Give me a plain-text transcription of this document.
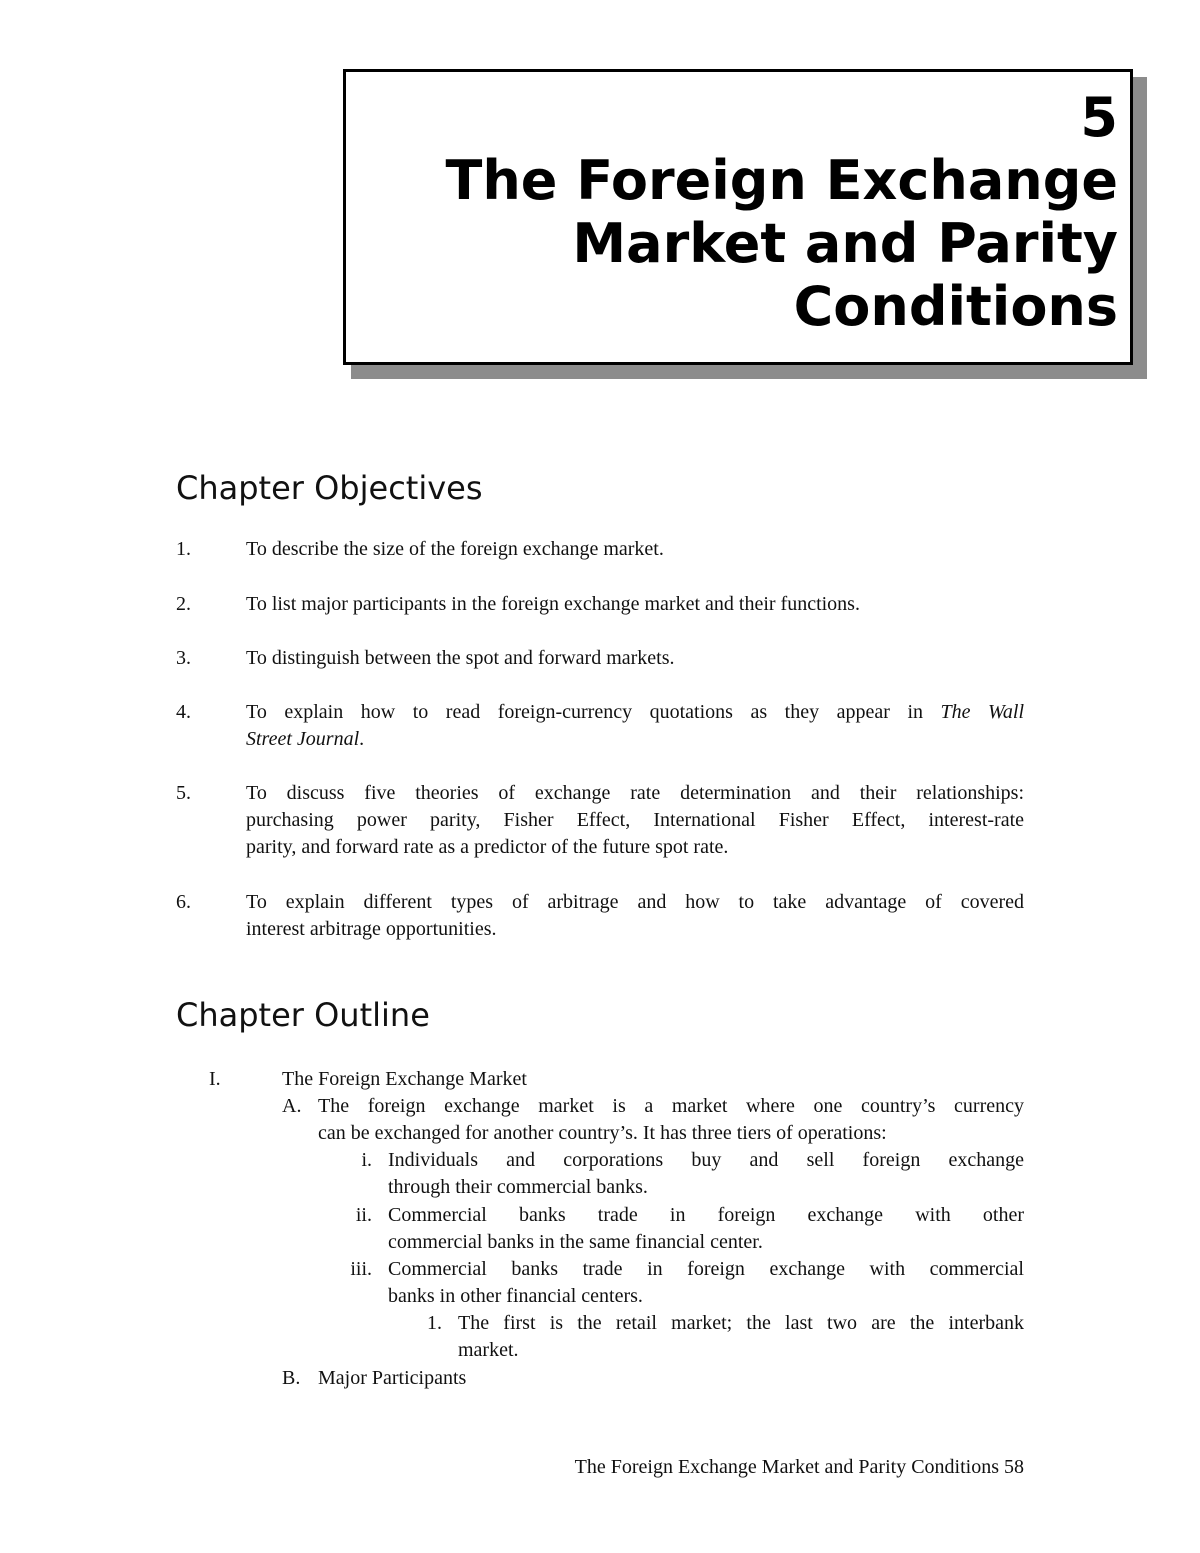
5
The Foreign Exchange
Market and Parity
Conditions
Chapter Objectives
1.	To describe the size of the foreign exchange market.
2.	To list major participants in the foreign exchange market and their functions.
3.	To distinguish between the spot and forward markets.
4.	To explain how to read foreign-currency quotations as they appear in The Wall
Street Journal.
5.	To discuss five theories of exchange rate determination and their relationships:
purchasing power parity, Fisher Effect, International Fisher Effect, interest-rate
parity, and forward rate as a predictor of the future spot rate.
6.	To explain different types of arbitrage and how to take advantage of covered
interest arbitrage opportunities.
Chapter Outline
I.	The Foreign Exchange Market
A. The foreign exchange market is a market where one country’s currency
can be exchanged for another country’s. It has three tiers of operations:
i. Individuals and corporations buy and sell foreign exchange
through their commercial banks.
ii. Commercial banks trade in foreign exchange with other
commercial banks in the same financial center.
iii. Commercial banks trade in foreign exchange with commercial
banks in other financial centers.
1. The first is the retail market; the last two are the interbank
market.
B. Major Participants
The Foreign Exchange Market and Parity Conditions 58
